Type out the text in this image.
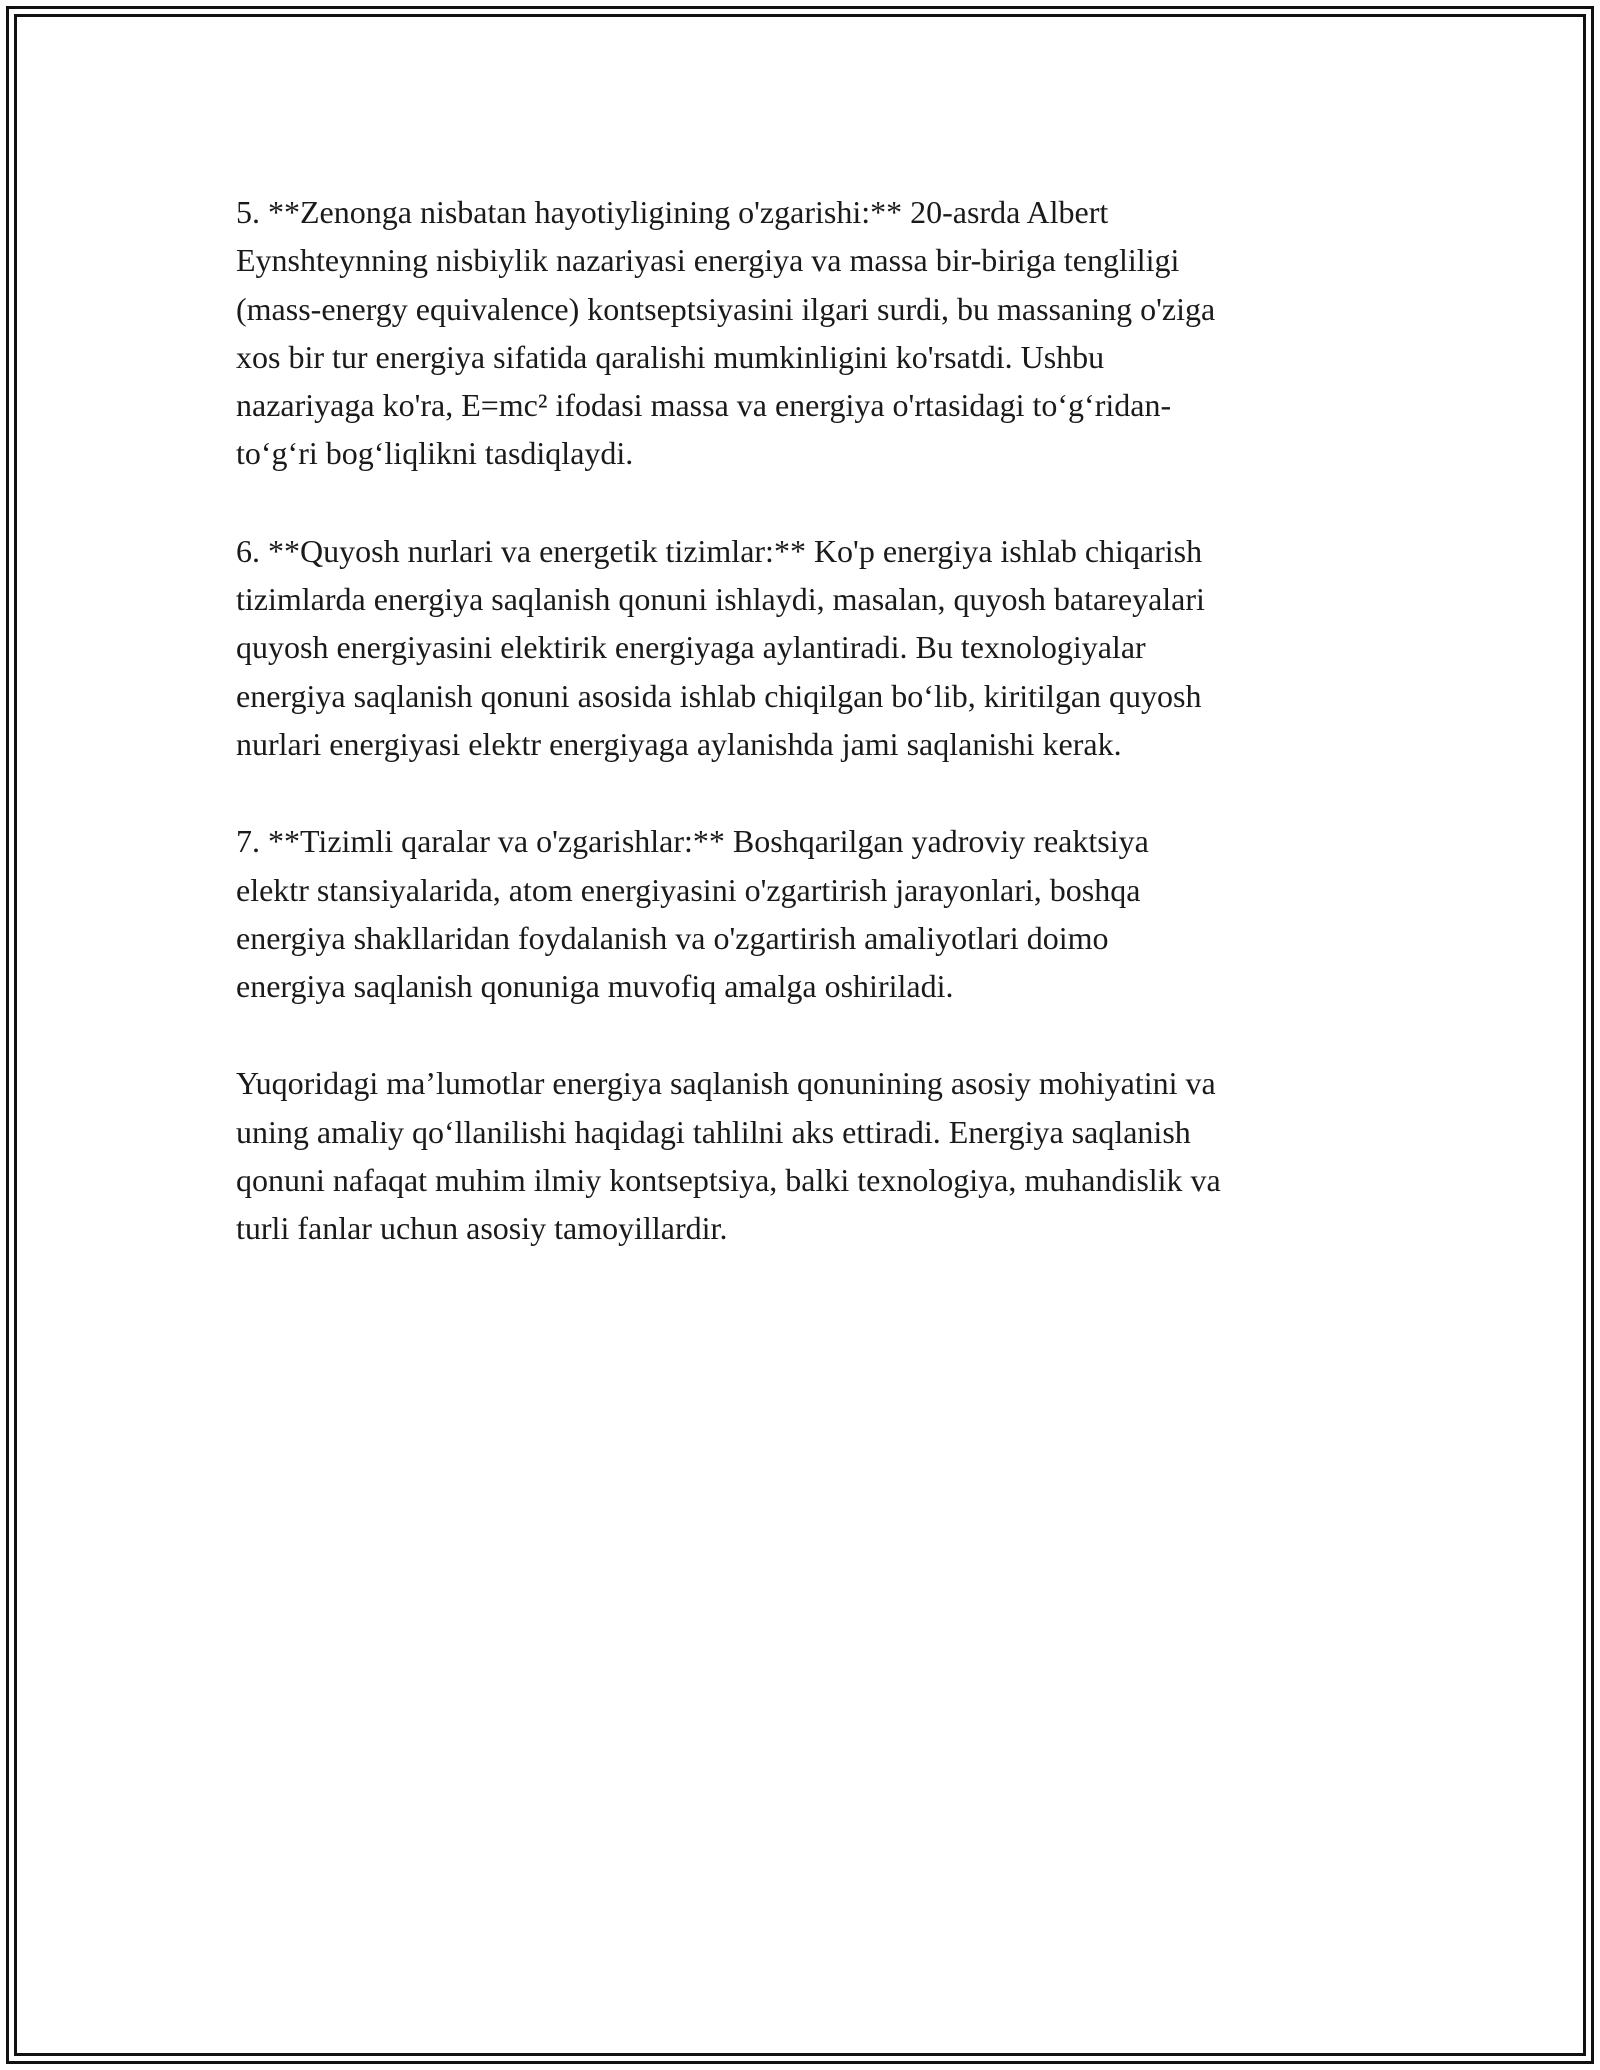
5. **Zenonga nisbatan hayotiyligining o'zgarishi:** 20-asrda Albert
Eynshteynning nisbiylik nazariyasi energiya va massa bir-biriga tengliligi
(mass-energy equivalence) kontseptsiyasini ilgari surdi, bu massaning o'ziga
xos bir tur energiya sifatida qaralishi mumkinligini ko'rsatdi. Ushbu
nazariyaga ko'ra, E=mc² ifodasi massa va energiya o'rtasidagi to‘g‘ridan-
to‘g‘ri bog‘liqlikni tasdiqlaydi.

6. **Quyosh nurlari va energetik tizimlar:** Ko'p energiya ishlab chiqarish
tizimlarda energiya saqlanish qonuni ishlaydi, masalan, quyosh batareyalari
quyosh energiyasini elektirik energiyaga aylantiradi. Bu texnologiyalar
energiya saqlanish qonuni asosida ishlab chiqilgan bo‘lib, kiritilgan quyosh
nurlari energiyasi elektr energiyaga aylanishda jami saqlanishi kerak.

7. **Tizimli qaralar va o'zgarishlar:** Boshqarilgan yadroviy reaktsiya
elektr stansiyalarida, atom energiyasini o'zgartirish jarayonlari, boshqa
energiya shakllaridan foydalanish va o'zgartirish amaliyotlari doimo
energiya saqlanish qonuniga muvofiq amalga oshiriladi.

Yuqoridagi ma’lumotlar energiya saqlanish qonunining asosiy mohiyatini va
uning amaliy qo‘llanilishi haqidagi tahlilni aks ettiradi. Energiya saqlanish
qonuni nafaqat muhim ilmiy kontseptsiya, balki texnologiya, muhandislik va
turli fanlar uchun asosiy tamoyillardir.
